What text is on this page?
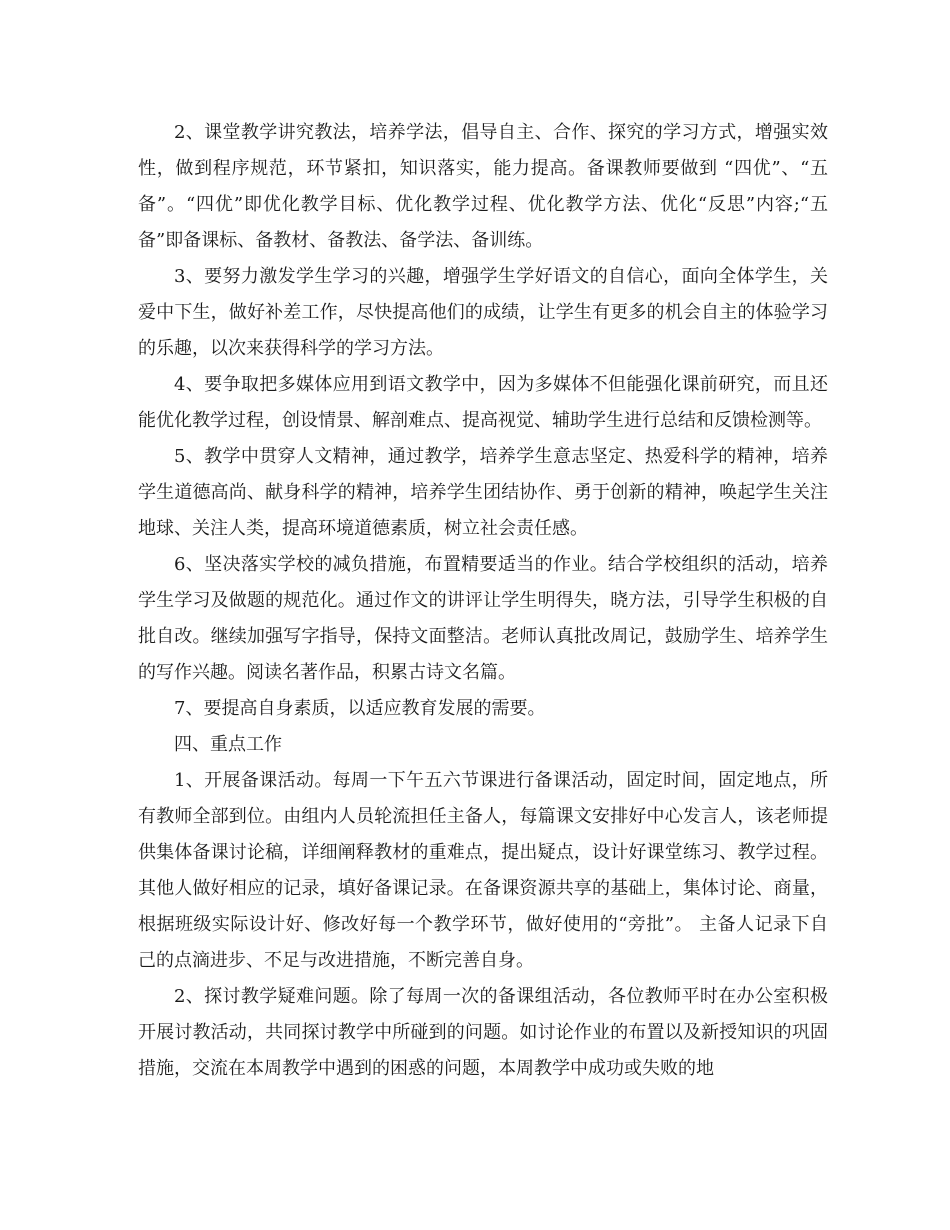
2、课堂教学讲究教法，培养学法，倡导自主、合作、探究的学习方式，增强实效性，做到程序规范，环节紧扣，知识落实，能力提高。备课教师要做到 “四优”、“五备”。“四优”即优化教学目标、优化教学过程、优化教学方法、优化“反思”内容;“五备”即备课标、备教材、备教法、备学法、备训练。

3、要努力激发学生学习的兴趣，增强学生学好语文的自信心，面向全体学生，关爱中下生，做好补差工作，尽快提高他们的成绩，让学生有更多的机会自主的体验学习的乐趣，以次来获得科学的学习方法。

4、要争取把多媒体应用到语文教学中，因为多媒体不但能强化课前研究，而且还能优化教学过程，创设情景、解剖难点、提高视觉、辅助学生进行总结和反馈检测等。

5、教学中贯穿人文精神，通过教学，培养学生意志坚定、热爱科学的精神，培养学生道德高尚、献身科学的精神，培养学生团结协作、勇于创新的精神，唤起学生关注地球、关注人类，提高环境道德素质，树立社会责任感。

6、坚决落实学校的减负措施，布置精要适当的作业。结合学校组织的活动，培养学生学习及做题的规范化。通过作文的讲评让学生明得失，晓方法，引导学生积极的自批自改。继续加强写字指导，保持文面整洁。老师认真批改周记，鼓励学生、培养学生的写作兴趣。阅读名著作品，积累古诗文名篇。

7、要提高自身素质，以适应教育发展的需要。

四、重点工作

1、开展备课活动。每周一下午五六节课进行备课活动，固定时间，固定地点，所有教师全部到位。由组内人员轮流担任主备人，每篇课文安排好中心发言人，该老师提供集体备课讨论稿，详细阐释教材的重难点，提出疑点，设计好课堂练习、教学过程。其他人做好相应的记录，填好备课记录。在备课资源共享的基础上，集体讨论、商量，根据班级实际设计好、修改好每一个教学环节，做好使用的“旁批”。 主备人记录下自己的点滴进步、不足与改进措施，不断完善自身。

2、探讨教学疑难问题。除了每周一次的备课组活动，各位教师平时在办公室积极开展讨教活动，共同探讨教学中所碰到的问题。如讨论作业的布置以及新授知识的巩固措施，交流在本周教学中遇到的困惑的问题，本周教学中成功或失败的地
